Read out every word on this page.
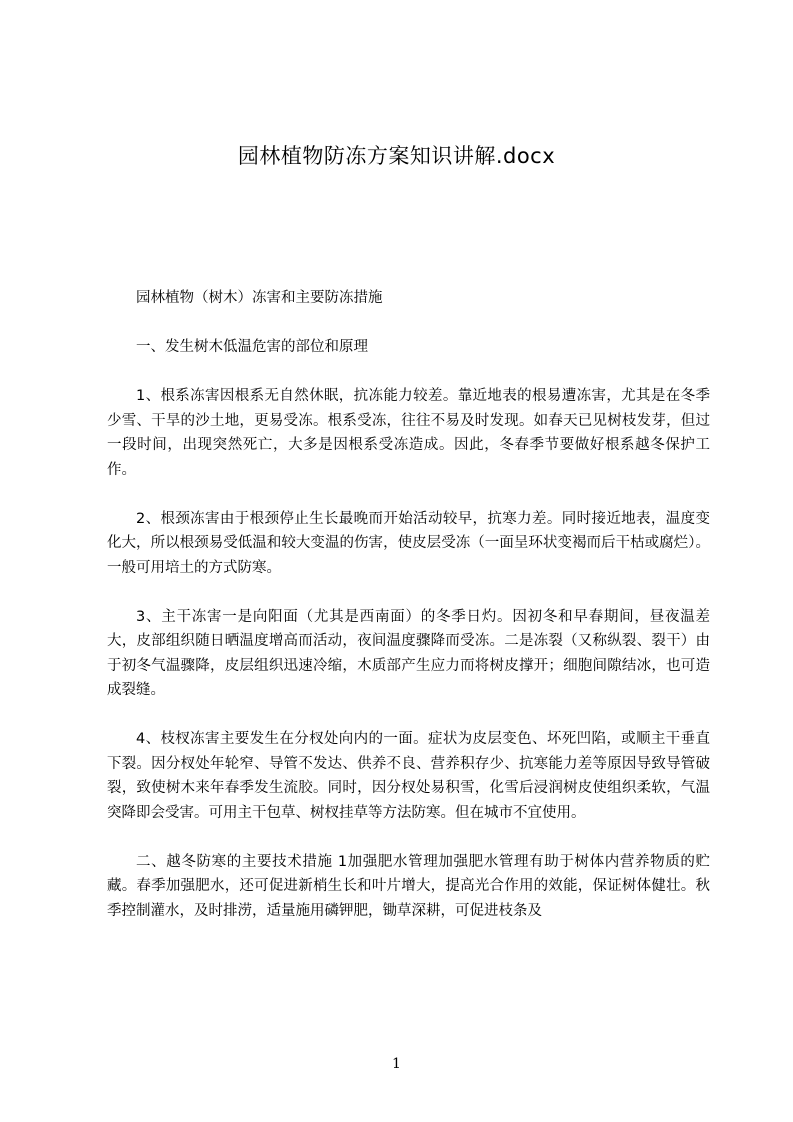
园林植物防冻方案知识讲解.docx

园林植物（树木）冻害和主要防冻措施

一、发生树木低温危害的部位和原理

1、根系冻害因根系无自然休眠，抗冻能力较差。靠近地表的根易遭冻害，尤其是在冬季少雪、干旱的沙土地，更易受冻。根系受冻，往往不易及时发现。如春天已见树枝发芽，但过一段时间，出现突然死亡，大多是因根系受冻造成。因此，冬春季节要做好根系越冬保护工作。

2、根颈冻害由于根颈停止生长最晚而开始活动较早，抗寒力差。同时接近地表，温度变化大，所以根颈易受低温和较大变温的伤害，使皮层受冻（一面呈环状变褐而后干枯或腐烂）。一般可用培土的方式防寒。

3、主干冻害一是向阳面（尤其是西南面）的冬季日灼。因初冬和早春期间，昼夜温差大，皮部组织随日晒温度增高而活动，夜间温度骤降而受冻。二是冻裂（又称纵裂、裂干）由于初冬气温骤降，皮层组织迅速冷缩，木质部产生应力而将树皮撑开；细胞间隙结冰，也可造成裂缝。

4、枝杈冻害主要发生在分杈处向内的一面。症状为皮层变色、坏死凹陷，或顺主干垂直下裂。因分杈处年轮窄、导管不发达、供养不良、营养积存少、抗寒能力差等原因导致导管破裂，致使树木来年春季发生流胶。同时，因分杈处易积雪，化雪后浸润树皮使组织柔软，气温突降即会受害。可用主干包草、树杈挂草等方法防寒。但在城市不宜使用。

二、越冬防寒的主要技术措施 1加强肥水管理加强肥水管理有助于树体内营养物质的贮藏。春季加强肥水，还可促进新梢生长和叶片增大，提高光合作用的效能，保证树体健壮。秋季控制灌水，及时排涝，适量施用磷钾肥，锄草深耕，可促进枝条及

1
